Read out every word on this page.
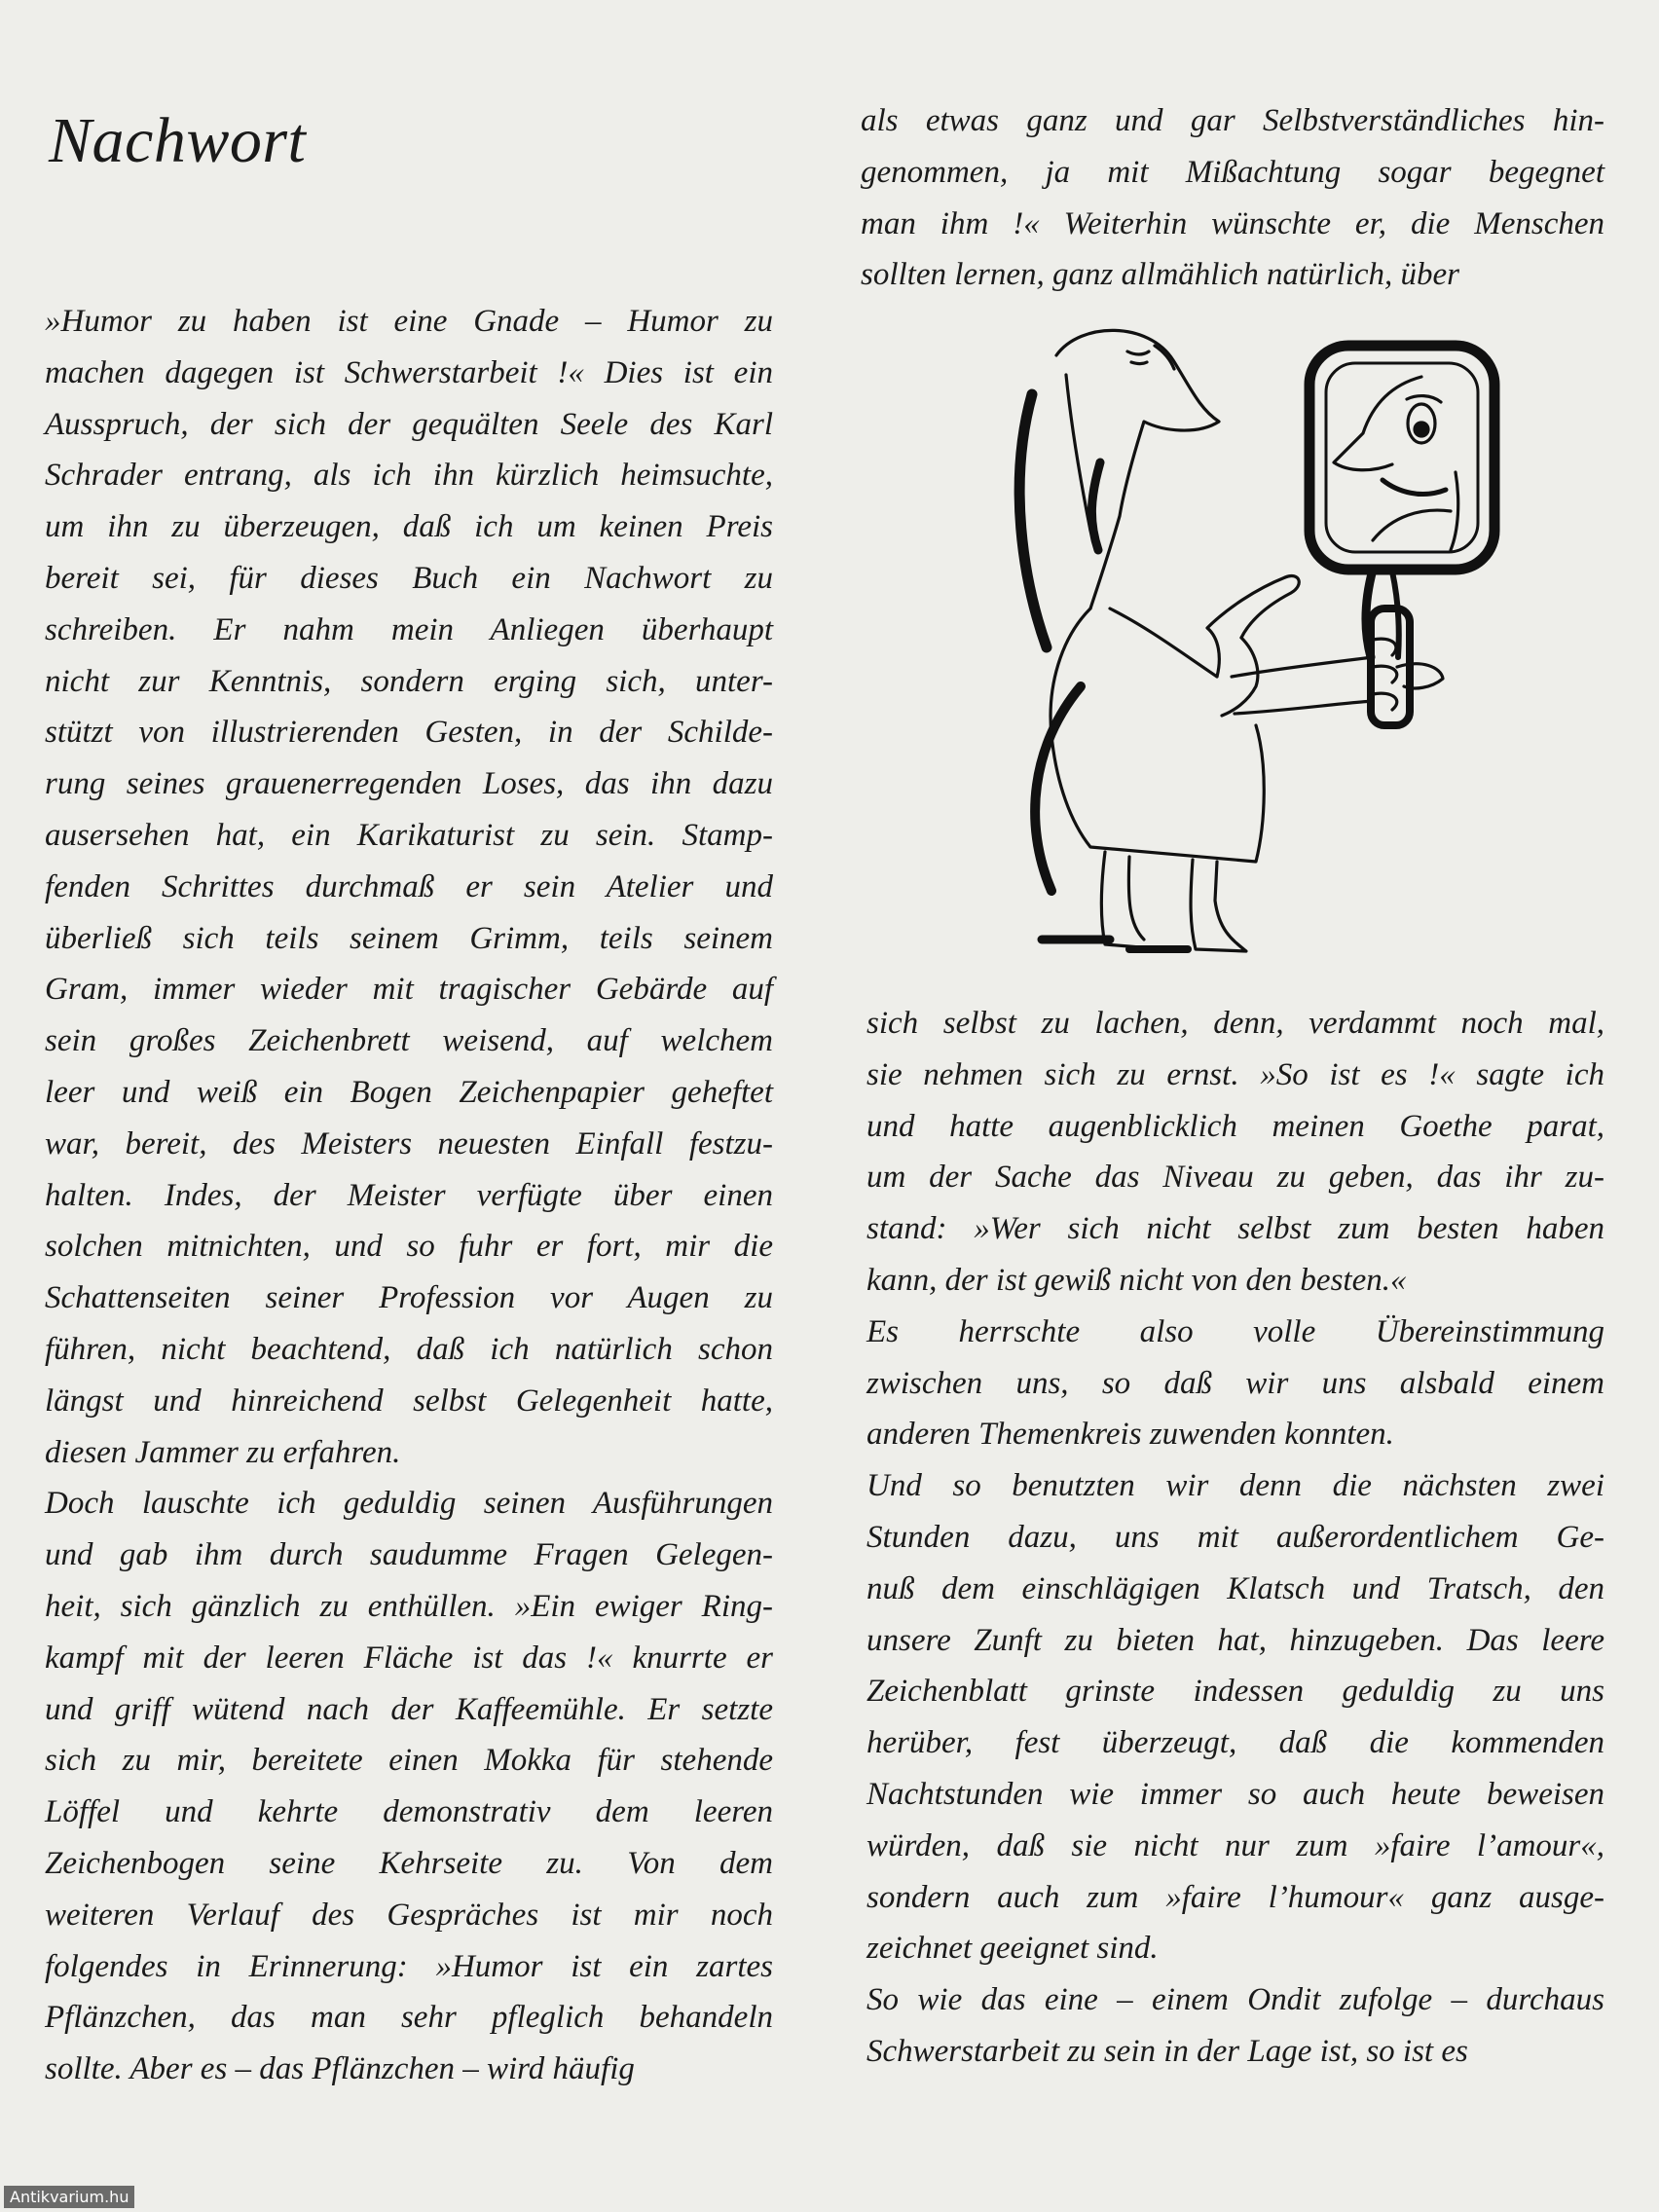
Nachwort

»Humor zu haben ist eine Gnade – Humor zu
machen dagegen ist Schwerstarbeit !« Dies ist ein
Ausspruch, der sich der gequälten Seele des Karl
Schrader entrang, als ich ihn kürzlich heimsuchte,
um ihn zu überzeugen, daß ich um keinen Preis
bereit sei, für dieses Buch ein Nachwort zu
schreiben. Er nahm mein Anliegen überhaupt
nicht zur Kenntnis, sondern erging sich, unter-
stützt von illustrierenden Gesten, in der Schilde-
rung seines grauenerregenden Loses, das ihn dazu
ausersehen hat, ein Karikaturist zu sein. Stamp-
fenden Schrittes durchmaß er sein Atelier und
überließ sich teils seinem Grimm, teils seinem
Gram, immer wieder mit tragischer Gebärde auf
sein großes Zeichenbrett weisend, auf welchem
leer und weiß ein Bogen Zeichenpapier geheftet
war, bereit, des Meisters neuesten Einfall festzu-
halten. Indes, der Meister verfügte über einen
solchen mitnichten, und so fuhr er fort, mir die
Schattenseiten seiner Profession vor Augen zu
führen, nicht beachtend, daß ich natürlich schon
längst und hinreichend selbst Gelegenheit hatte,
diesen Jammer zu erfahren.

Doch lauschte ich geduldig seinen Ausführungen
und gab ihm durch saudumme Fragen Gelegen-
heit, sich gänzlich zu enthüllen. »Ein ewiger Ring-
kampf mit der leeren Fläche ist das !« knurrte er
und griff wütend nach der Kaffeemühle. Er setzte
sich zu mir, bereitete einen Mokka für stehende
Löffel und kehrte demonstrativ dem leeren
Zeichenbogen seine Kehrseite zu. Von dem
weiteren Verlauf des Gespräches ist mir noch
folgendes in Erinnerung: »Humor ist ein zartes
Pflänzchen, das man sehr pfleglich behandeln
sollte. Aber es – das Pflänzchen – wird häufig

als etwas ganz und gar Selbstverständliches hin-
genommen, ja mit Mißachtung sogar begegnet
man ihm !« Weiterhin wünschte er, die Menschen
sollten lernen, ganz allmählich natürlich, über

sich selbst zu lachen, denn, verdammt noch mal,
sie nehmen sich zu ernst. »So ist es !« sagte ich
und hatte augenblicklich meinen Goethe parat,
um der Sache das Niveau zu geben, das ihr zu-
stand: »Wer sich nicht selbst zum besten haben
kann, der ist gewiß nicht von den besten.«

Es herrschte also volle Übereinstimmung
zwischen uns, so daß wir uns alsbald einem
anderen Themenkreis zuwenden konnten.

Und so benutzten wir denn die nächsten zwei
Stunden dazu, uns mit außerordentlichem Ge-
nuß dem einschlägigen Klatsch und Tratsch, den
unsere Zunft zu bieten hat, hinzugeben. Das leere
Zeichenblatt grinste indessen geduldig zu uns
herüber, fest überzeugt, daß die kommenden
Nachtstunden wie immer so auch heute beweisen
würden, daß sie nicht nur zum »faire l’amour«,
sondern auch zum »faire l’humour« ganz ausge-
zeichnet geeignet sind.

So wie das eine – einem Ondit zufolge – durchaus
Schwerstarbeit zu sein in der Lage ist, so ist es

Antikvarium.hu
